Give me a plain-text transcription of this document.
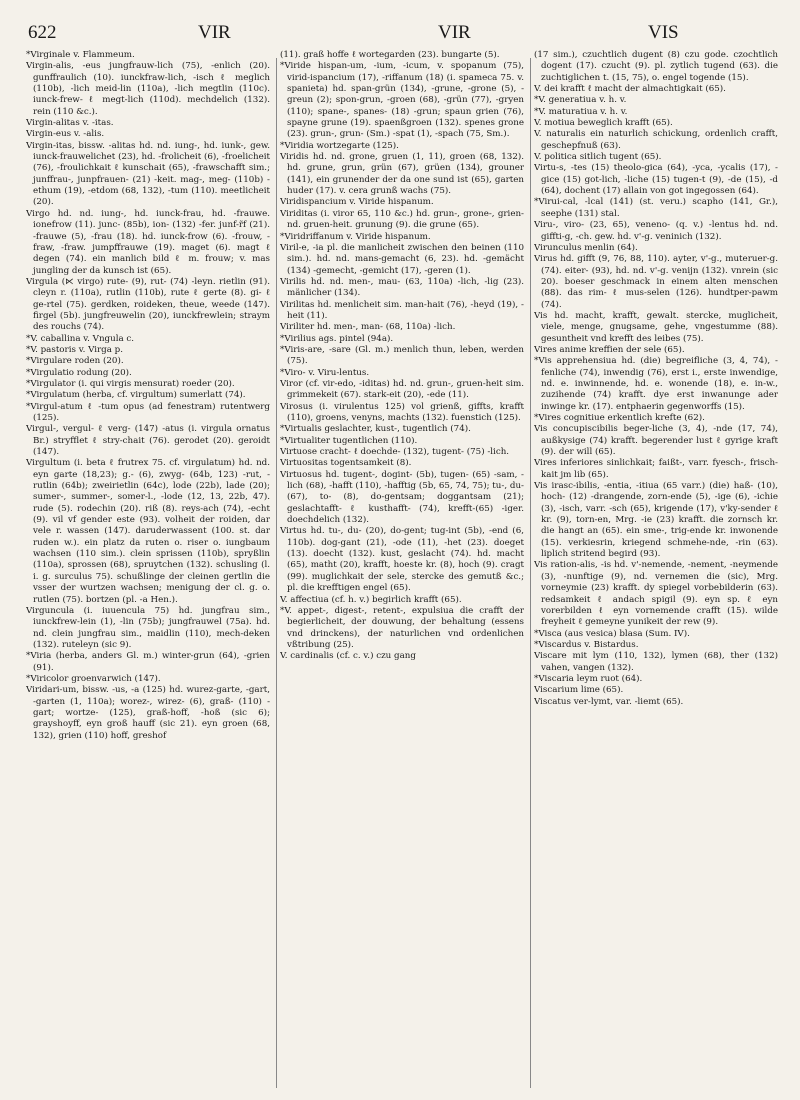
622	VIR	VIR	VIS

*Virginale v. Flammeum.

Virgin-alis, -eus jungfrauw-lich (75), -enlich (20). gunffraulich (10). iunckfraw-lich, -isch ℓ meglich (110b), -lich meid-lin (110a), -lich megtlin (110c). iunck-frew- ℓ megt-lich (110d). mechdelich (132). rein (110 &c.).

Virgin-alitas v. -itas.

Virgin-eus v. -alis.

Virgin-itas, bissw. -alitas hd. nd. iung-, hd. iunk-, gew. iunck-frauwelichet (23), hd. -frolicheit (6), -froelicheit (76), -froulichkait ℓ kunschait (65), -frawschafft sim.; junffrau-, junpfrauen- (21) -keit. mag-, meg- (110b) -ethum (19), -etdom (68, 132), -tum (110). meetlicheit (20).

Virgo hd. nd. iung-, hd. iunck-frau, hd. -frauwe. ionefrow (11). junc- (85b), ion- (132) -fer. junf-r̃f (21). -frauwe (5), -frau (18). hd. iunck-frow (6). -frouw, -fraw, -fraw. jumpffrauwe (19). maget (6). magt ℓ degen (74). ein manlich bild ℓ m. frouw; v. mas jungling der da kunsch ist (65).

Virgula (⋉ virgo) rute- (9), rut- (74) -leyn. rietlin (91). cleyn r. (110a), rutlin (110b), rute ℓ gerte (8). gi- ℓ ge-rtel (75). gerdken, roideken, theue, weede (147). firgel (5b). jungfreuwelin (20), iunckfrewlein; straym des rouchs (74).

*V. caballina v. Vngula c.

*V. pastoris v. Virga p.

*Virgulare roden (20).

*Virgulatio rodung (20).

*Virgulator (i. qui virgis mensurat) roeder (20).

*Virgulatum (herba, cf. virgultum) sumerlatt (74).

*Virgul-atum ℓ -tum opus (ad fenestram) rutentwerg (125).

Virgul-, vergul- ℓ verg- (147) -atus (i. virgula ornatus Br.) stryfflet ℓ stry-chait (76). gerodet (20). geroidt (147).

Virgultum (i. beta ℓ frutrex 75. cf. virgulatum) hd. nd. eyn garte (18,23); g.- (6), zwyg- (64b, 123) -rut, -rutlin (64b); zweirietlin (64c), lode (22b), lade (20); sumer-, summer-, somer-l., -lode (12, 13, 22b, 47). rude (5). rodechin (20). riß (8). reys-ach (74), -echt (9). vil vf gender este (93). volheit der roiden, dar vele r. wassen (147). daruderwassent (100. st. dar ruden w.). ein platz da ruten o. riser o. iungbaum wachsen (110 sim.). clein sprissen (110b), spryßlin (110a), sprossen (68), spruytchen (132). schusling (l. i. g. surculus 75). schußlinge der cleinen gertlin die vsser der wurtzen wachsen; menigung der cl. g. o. rutlen (75). bortzen (pl. -a Hen.).

Virguncula (i. iuuencula 75) hd. jungfrau sim., iunckfrew-lein (1), -lin (75b); jungfrauwel (75a). hd. nd. clein jungfrau sim., maidlin (110), mech-deken (132). ruteleyn (sic 9).

*Viria (herba, anders Gl. m.) winter-grun (64), -grien (91).

*Viricolor groenvarwich (147).

Viridari-um, bissw. -us, -a (125) hd. wurez-garte, -gart, -garten (1, 110a); worez-, wirez- (6), graß- (110) -gart; wortze- (125), graß-hoff, -hoß (sic 6); grayshoyff, eyn groß hauff (sic 21). eyn groen (68, 132), grien (110) hoff, greshof

(11). graß hoffe ℓ wortegarden (23). bungarte (5).

*Viride hispan-um, -ium, -icum, v. spopanum (75), virid-ispancium (17), -riffanum (18) (i. spameca 75. v. spanieta) hd. span-grün (134), -grune, -grone (5), -greun (2); spon-grun, -groen (68), -grün (77), -gryen (110); spane-, spanes- (18) -grun; spaun grien (76), spayne grune (19). spaenßgroen (132). spenes grone (23). grun-, grun- (Sm.) -spat (1), -spach (75, Sm.).

*Viridia wortzegarte (125).

Viridis hd. nd. grone, gruen (1, 11), groen (68, 132). hd. grune, grun, grün (67), grüen (134), grouner (141), ein grunender der da one sund ist (65), garten huder (17). v. cera grunß wachs (75).

Viridispancium v. Viride hispanum.

Viriditas (i. viror 65, 110 &c.) hd. grun-, grone-, grien- nd. gruen-heit. grunung (9). die grune (65).

*Viridriffanum v. Viride hispanum.

Viril-e, -ia pl. die manlicheit zwischen den beinen (110 sim.). hd. nd. mans-gemacht (6, 23). hd. -gemächt (134) -gemecht, -gemicht (17), -geren (1).

Virilis hd. nd. men-, mau- (63, 110a) -lich, -lig (23). mänlicher (134).

Virilitas hd. menlicheit sim. man-hait (76), -heyd (19), -heit (11).

Viriliter hd. men-, man- (68, 110a) -lich.

*Virilius ags. pintel (94a).

*Viris-are, -sare (Gl. m.) menlich thun, leben, werden (75).

*Viro- v. Viru-lentus.

Viror (cf. vir-edo, -iditas) hd. nd. grun-, gruen-heit sim. grimmekeit (67). stark-eit (20), -ede (11).

Virosus (i. virulentus 125) vol grienß, giffts, krafft (110), groens, venyns, machts (132). fuenstich (125).

*Virtualis geslachter, kust-, tugentlich (74).

*Virtualiter tugentlichen (110).

Virtuose cracht- ℓ doechde- (132), tugent- (75) -lich.

Virtuositas togentsamkeit (8).

Virtuosus hd. tugent-, dogint- (5b), tugen- (65) -sam, -lich (68), -hafft (110), -hafftig (5b, 65, 74, 75); tu-, du- (67), to- (8), do-gentsam; doggantsam (21); geslachtafft- ℓ kusthafft- (74), krefft-(65) -iger. doechdelich (132).

Virtus hd. tu-, du- (20), do-gent; tug-int (5b), -end (6, 110b). dog-gant (21), -ode (11), -het (23). doeget (13). doecht (132). kust, geslacht (74). hd. macht (65), matht (20), krafft, hoeste kr. (8), hoch (9). cragt (99). muglichkait der sele, stercke des gemutß &c.; pl. die krefftigen engel (65).

V. affectiua (cf. h. v.) begirlich krafft (65).

*V. appet-, digest-, retent-, expulsiua die crafft der begierlicheit, der douwung, der behaltung (essens vnd drinckens), der naturlichen vnd ordenlichen vßtribung (25).

V. cardinalis (cf. c. v.) czu gang

(17 sim.), czuchtlich dugent (8) czu gode. czochtlich dogent (17). czucht (9). pl. zytlich tugend (63). die zuchtiglichen t. (15, 75), o. engel togende (15).

V. dei krafft ℓ macht der almachtigkait (65).

*V. generatiua v. h. v.

*V. maturatiua v. h. v.

V. motiua beweglich krafft (65).

V. naturalis ein naturlich schickung, ordenlich crafft, geschepfnuß (63).

V. politica sitlich tugent (65).

Virtu-s, -tes (15) theolo-gica (64), -yca, -ycalis (17), -gice (15) got-lich, -liche (15) tugen-t (9), -de (15), -d (64), dochent (17) allain von got ingegossen (64).

*Virui-cal, -lcal (141) (st. veru.) scapho (141, Gr.), seephe (131) stal.

Viru-, viro- (23, 65), veneno- (q. v.) -lentus hd. nd. giffti-g, -ch. gew. hd. v'-g. veninich (132).

Virunculus menlin (64).

Virus hd. gifft (9, 76, 88, 110). ayter, v'-g., muteruer-g. (74). eiter- (93), hd. nd. v'-g. venijn (132). vnrein (sic 20). boeser geschmack in einem alten menschen (88). das rim- ℓ mus-selen (126). hundtper-pawm (74).

Vis hd. macht, krafft, gewalt. stercke, muglicheit, viele, menge, gnugsame, gehe, vngestumme (88). gesuntheit vnd krefft des leibes (75).

Vires anime kreffien der sele (65).

*Vis apprehensiua hd. (die) begreifliche (3, 4, 74), -fenliche (74), inwendig (76), erst i., erste inwendige, nd. e. inwinnende, hd. e. wonende (18), e. in-w., zuzihende (74) krafft. dye erst inwanunge ader inwinge kr. (17). entphaerin gegenworffs (15).

*Vires cognitiue erkentlich krefte (62).

Vis concupiscibilis beger-liche (3, 4), -nde (17, 74), außkysige (74) krafft. begerender lust ℓ gyrige kraft (9). der will (65).

Vires inferiores sinlichkait; faißt-, varr. fyesch-, frisch-kait jm lib (65).

Vis irasc-ibilis, -entia, -itiua (65 varr.) (die) haß- (10), hoch- (12) -drangende, zorn-ende (5), -ige (6), -ichie (3), -isch, varr. -sch (65), krigende (17), v'ky-sender ℓ kr. (9), torn-en, Mrg. -ie (23) krafft. die zornsch kr. die hangt an (65). ein sme-, trig-ende kr. inwonende (15). verkiesrin, kriegend schmehe-nde, -rin (63). liplich stritend begird (93).

Vis ration-alis, -is hd. v'-nemende, -nement, -neymende (3), -nunftige (9), nd. vernemen die (sic), Mrg. vorneymie (23) krafft. dy spiegel vorbebilderin (63). redsamkeit ℓ andach spigil (9). eyn sp. ℓ eyn vorerbilden ℓ eyn vornemende crafft (15). wilde freyheit ℓ gemeyne yunikeit der rew (9).

*Visca (aus vesica) blasa (Sum. IV).

*Viscardus v. Bistardus.

Viscare mit lym (110, 132), lymen (68), ther (132) vahen, vangen (132).

*Viscaria leym ruot (64).

Viscarium lime (65).

Viscatus ver-lymt, var. -liemt (65).
